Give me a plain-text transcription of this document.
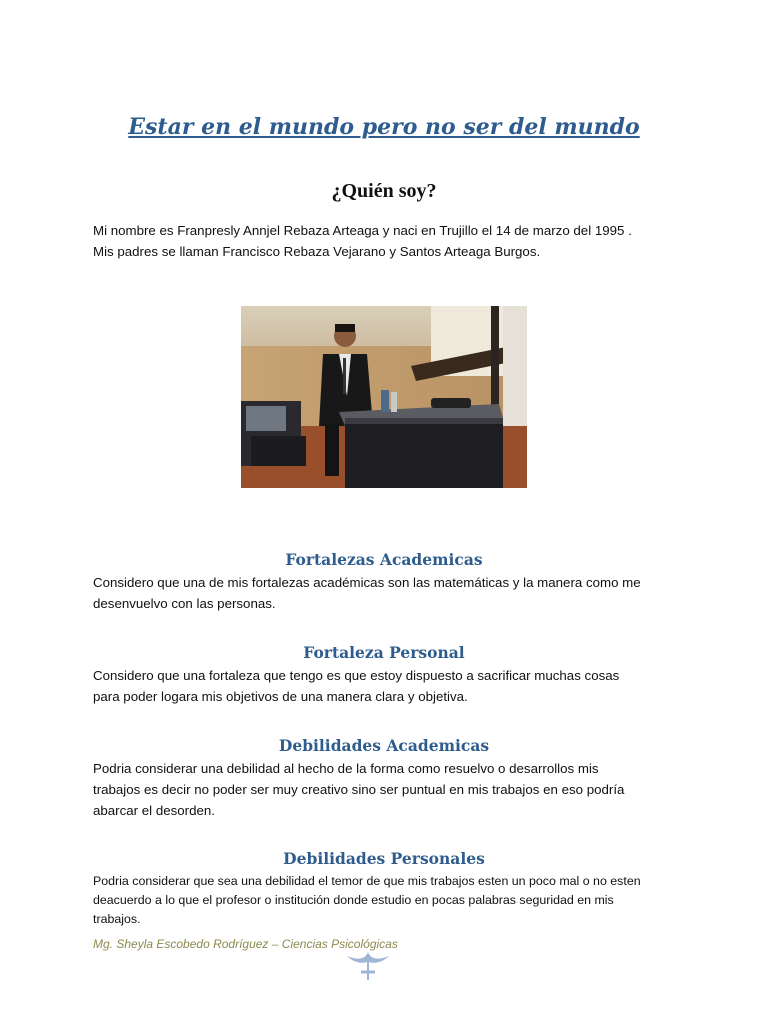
Estar en el mundo pero no ser del mundo
¿Quién soy?

Mi nombre es Franpresly Annjel Rebaza Arteaga y naci en Trujillo el 14 de marzo del 1995 .

Mis padres se llaman Francisco Rebaza Vejarano y Santos Arteaga Burgos.

Fortalezas Academicas

Considero que una de mis fortalezas académicas son las matemáticas y la manera como me

desenvuelvo con las personas.

Fortaleza Personal

Considero que una fortaleza que tengo es que estoy dispuesto a sacrificar muchas cosas

para poder logara mis objetivos de una manera clara y objetiva.

Debilidades Academicas

Podria considerar una debilidad al hecho de la forma como resuelvo o desarrollos mis

trabajos es decir no poder ser muy creativo sino ser puntual en mis trabajos en eso podría

abarcar el desorden.

Debilidades Personales

Podria considerar que sea una debilidad el temor de que mis trabajos esten un poco mal o no esten

deacuerdo a lo que el profesor o institución donde estudio en pocas palabras seguridad en mis

trabajos.

Mg. Sheyla Escobedo Rodríguez – Ciencias Psicológicas
